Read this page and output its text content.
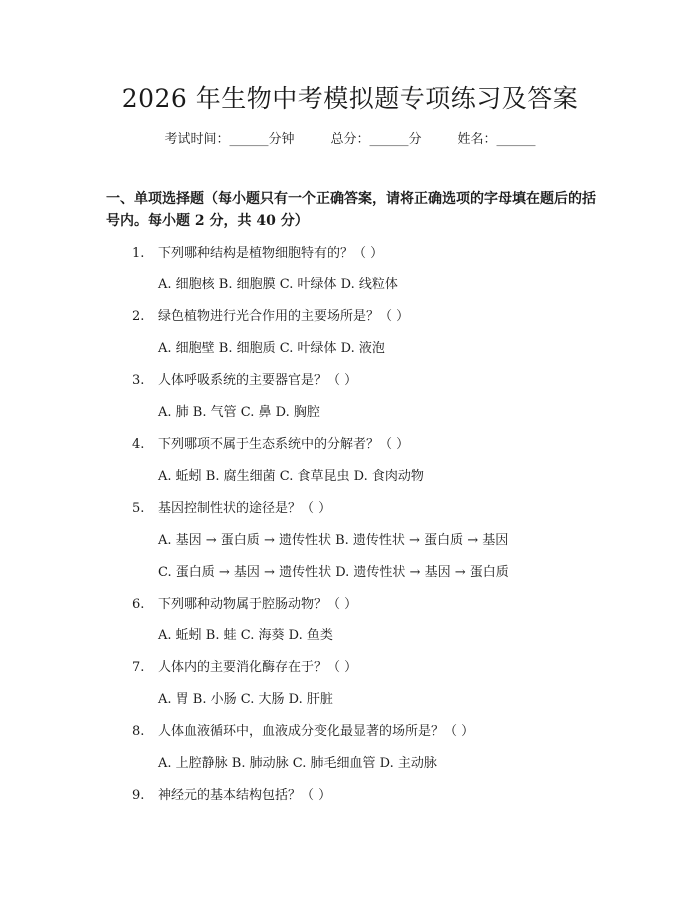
2026 年生物中考模拟题专项练习及答案
考试时间：______分钟	总分：______分	姓名：______
一、单项选择题（每小题只有一个正确答案，请将正确选项的字母填在题后的括号内。每小题 2 分，共 40 分）
1. 下列哪种结构是植物细胞特有的？（ ）
A. 细胞核 B. 细胞膜 C. 叶绿体 D. 线粒体
2. 绿色植物进行光合作用的主要场所是？（ ）
A. 细胞壁 B. 细胞质 C. 叶绿体 D. 液泡
3. 人体呼吸系统的主要器官是？（ ）
A. 肺 B. 气管 C. 鼻 D. 胸腔
4. 下列哪项不属于生态系统中的分解者？（ ）
A. 蚯蚓 B. 腐生细菌 C. 食草昆虫 D. 食肉动物
5. 基因控制性状的途径是？（ ）
A. 基因 → 蛋白质 → 遗传性状 B. 遗传性状 → 蛋白质 → 基因
C. 蛋白质 → 基因 → 遗传性状 D. 遗传性状 → 基因 → 蛋白质
6. 下列哪种动物属于腔肠动物？（ ）
A. 蚯蚓 B. 蛙 C. 海葵 D. 鱼类
7. 人体内的主要消化酶存在于？（ ）
A. 胃 B. 小肠 C. 大肠 D. 肝脏
8. 人体血液循环中，血液成分变化最显著的场所是？（ ）
A. 上腔静脉 B. 肺动脉 C. 肺毛细血管 D. 主动脉
9. 神经元的基本结构包括？（ ）
